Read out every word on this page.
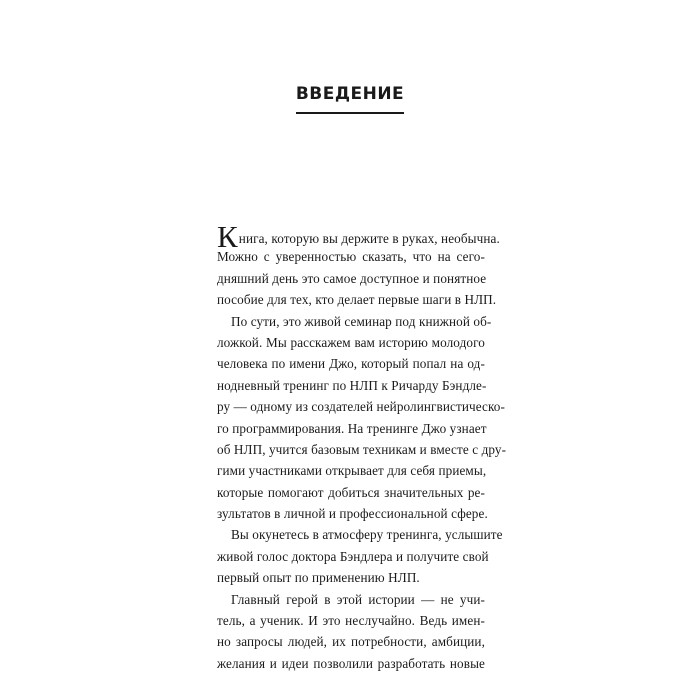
ВВЕДЕНИЕ
Книга, которую вы держите в руках, необычна.
Можно с уверенностью сказать, что на сего-
дняшний день это самое доступное и понятное
пособие для тех, кто делает первые шаги в НЛП.
По сути, это живой семинар под книжной об-
ложкой. Мы расскажем вам историю молодого
человека по имени Джо, который попал на од-
нодневный тренинг по НЛП к Ричарду Бэндле-
ру — одному из создателей нейролингвистическо-
го программирования. На тренинге Джо узнает
об НЛП, учится базовым техникам и вместе с дру-
гими участниками открывает для себя приемы,
которые помогают добиться значительных ре-
зультатов в личной и профессиональной сфере.
Вы окунетесь в атмосферу тренинга, услышите
живой голос доктора Бэндлера и получите свой
первый опыт по применению НЛП.
Главный герой в этой истории — не учи-
тель, а ученик. И это неслучайно. Ведь имен-
но запросы людей, их потребности, амбиции,
желания и идеи позволили разработать новые
